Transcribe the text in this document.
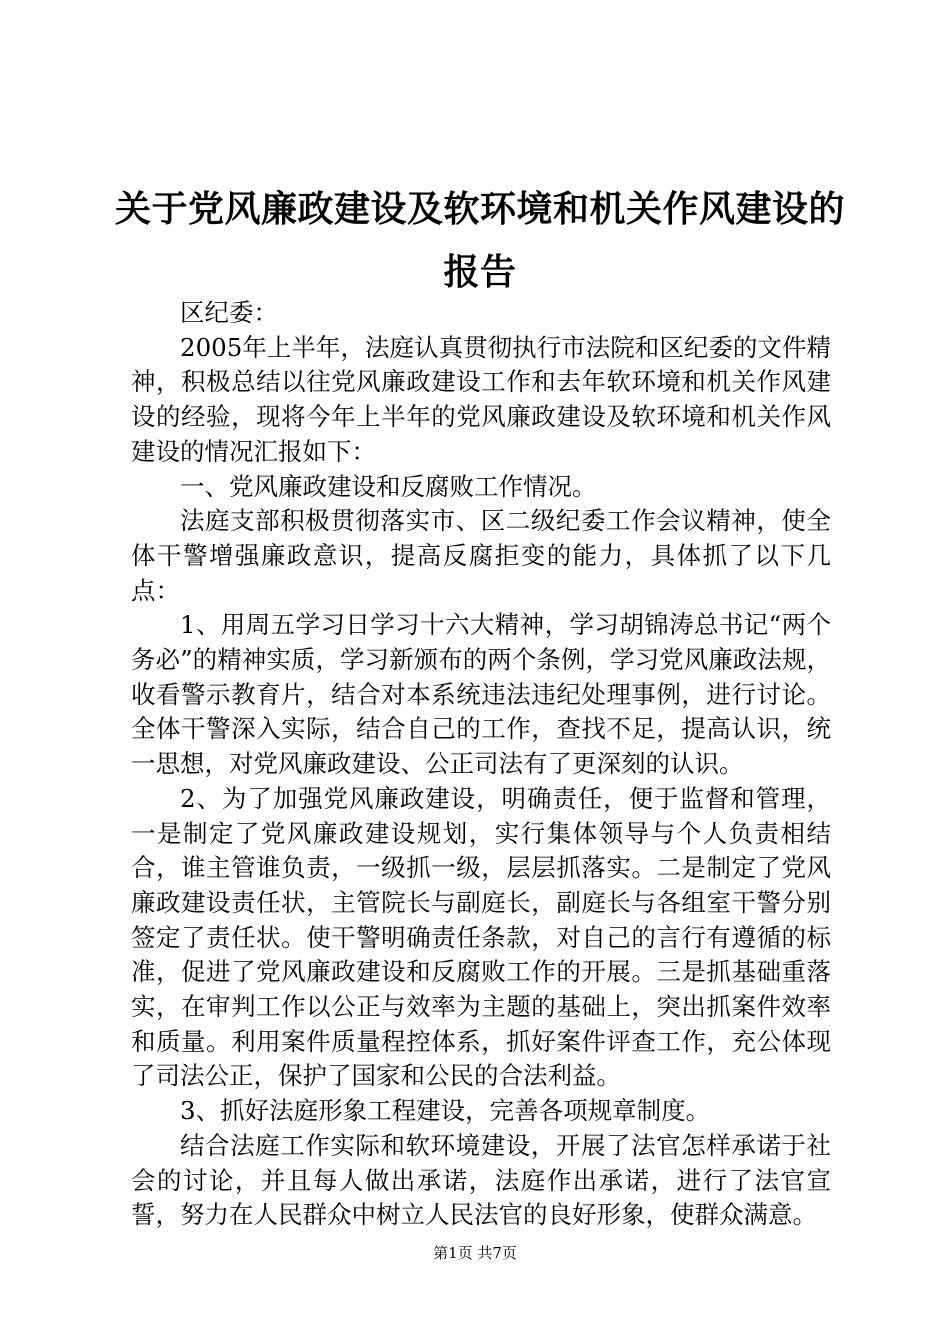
关于党风廉政建设及软环境和机关作风建设的
报告

区纪委：

2005年上半年，法庭认真贯彻执行市法院和区纪委的文件精神，积极总结以往党风廉政建设工作和去年软环境和机关作风建设的经验，现将今年上半年的党风廉政建设及软环境和机关作风建设的情况汇报如下：

一、党风廉政建设和反腐败工作情况。

法庭支部积极贯彻落实市、区二级纪委工作会议精神，使全体干警增强廉政意识，提高反腐拒变的能力，具体抓了以下几点：

1、用周五学习日学习十六大精神，学习胡锦涛总书记“两个务必”的精神实质，学习新颁布的两个条例，学习党风廉政法规，收看警示教育片，结合对本系统违法违纪处理事例，进行讨论。全体干警深入实际，结合自己的工作，查找不足，提高认识，统一思想，对党风廉政建设、公正司法有了更深刻的认识。

2、为了加强党风廉政建设，明确责任，便于监督和管理，一是制定了党风廉政建设规划，实行集体领导与个人负责相结合，谁主管谁负责，一级抓一级，层层抓落实。二是制定了党风廉政建设责任状，主管院长与副庭长，副庭长与各组室干警分别签定了责任状。使干警明确责任条款，对自己的言行有遵循的标准，促进了党风廉政建设和反腐败工作的开展。三是抓基础重落实，在审判工作以公正与效率为主题的基础上，突出抓案件效率和质量。利用案件质量程控体系，抓好案件评查工作，充公体现了司法公正，保护了国家和公民的合法利益。

3、抓好法庭形象工程建设，完善各项规章制度。

结合法庭工作实际和软环境建设，开展了法官怎样承诺于社会的讨论，并且每人做出承诺，法庭作出承诺，进行了法官宣誓，努力在人民群众中树立人民法官的良好形象，使群众满意。

第1页 共7页
